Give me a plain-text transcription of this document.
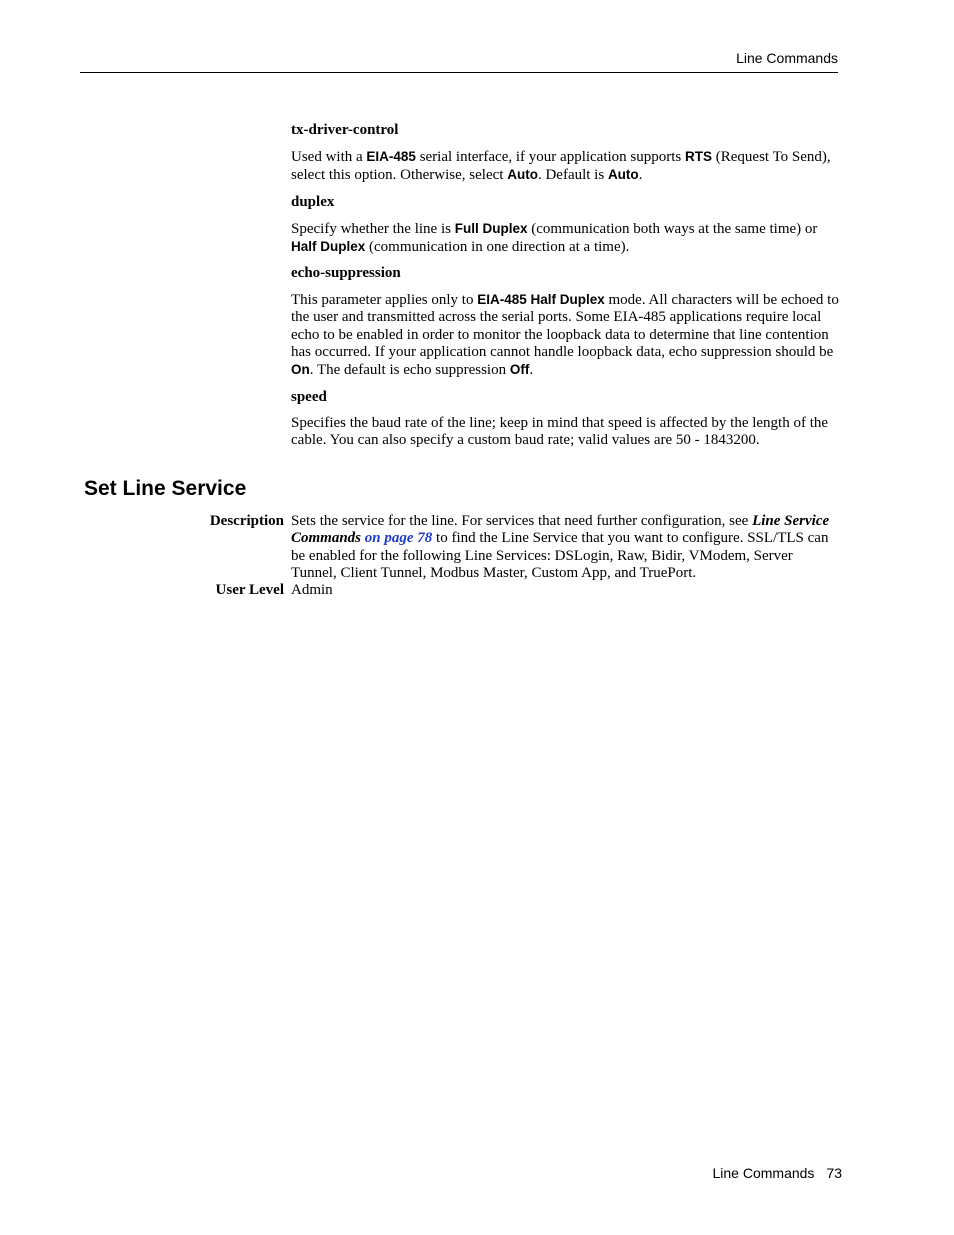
Line Commands
tx-driver-control
Used with a EIA-485 serial interface, if your application supports RTS (Request To Send), select this option. Otherwise, select Auto. Default is Auto.
duplex
Specify whether the line is Full Duplex (communication both ways at the same time) or Half Duplex (communication in one direction at a time).
echo-suppression
This parameter applies only to EIA-485 Half Duplex mode. All characters will be echoed to the user and transmitted across the serial ports. Some EIA-485 applications require local echo to be enabled in order to monitor the loopback data to determine that line contention has occurred. If your application cannot handle loopback data, echo suppression should be On. The default is echo suppression Off.
speed
Specifies the baud rate of the line; keep in mind that speed is affected by the length of the cable. You can also specify a custom baud rate; valid values are 50 - 1843200.
Set Line Service
Description Sets the service for the line. For services that need further configuration, see Line Service Commands on page 78 to find the Line Service that you want to configure. SSL/TLS can be enabled for the following Line Services: DSLogin, Raw, Bidir, VModem, Server Tunnel, Client Tunnel, Modbus Master, Custom App, and TruePort.
User Level Admin
Line Commands 73
